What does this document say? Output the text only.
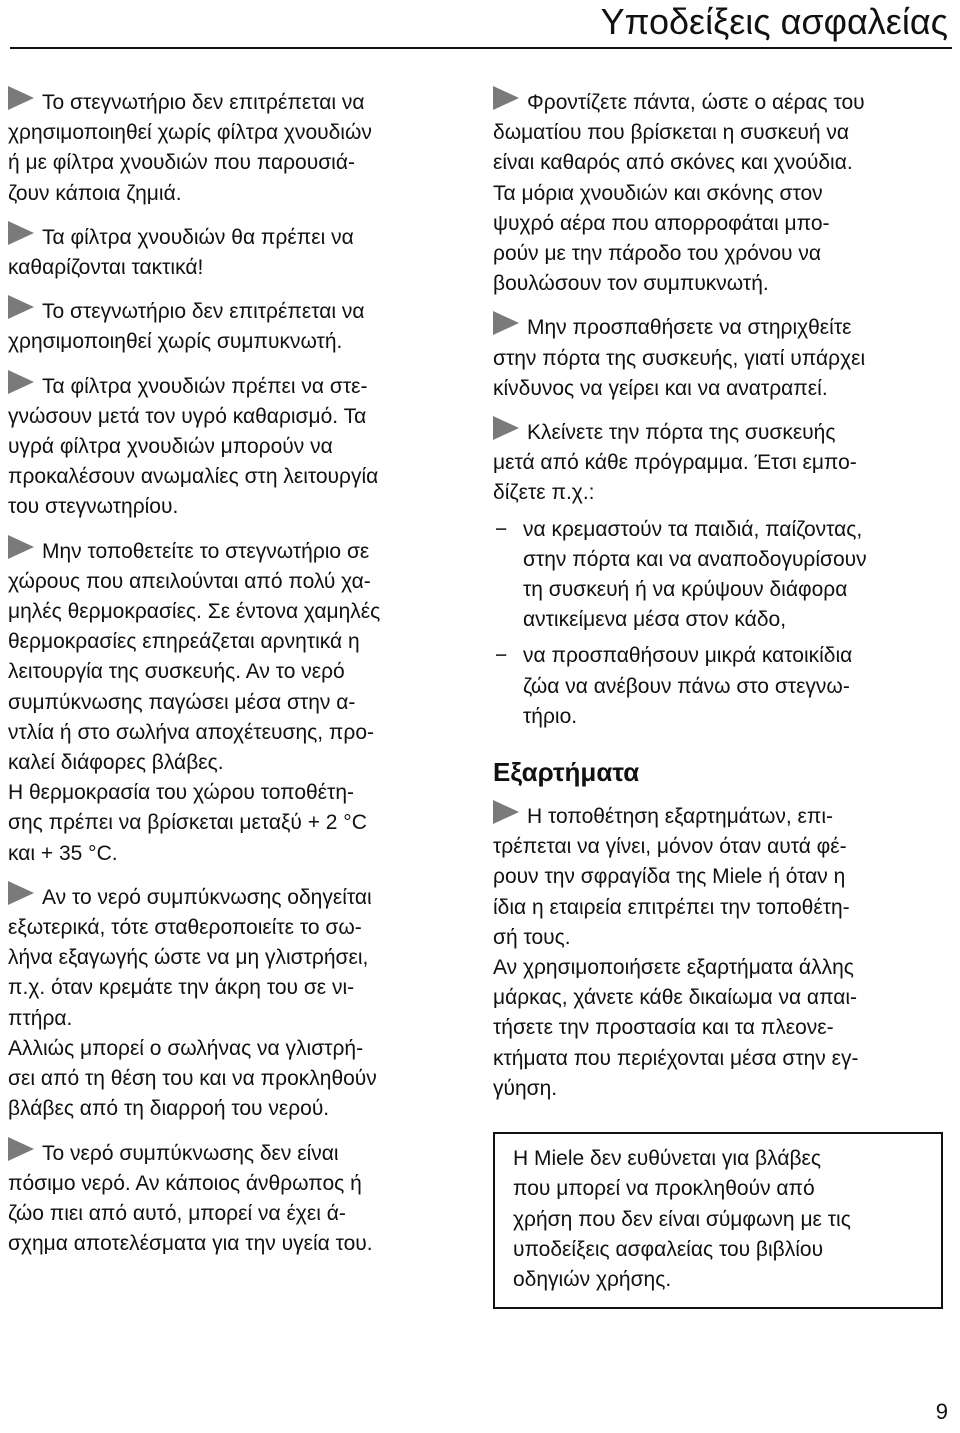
Υποδείξεις ασφαλείας

Το στεγνωτήριο δεν επιτρέπεται να
χρησιμοποιηθεί χωρίς φίλτρα χνουδιών
ή με φίλτρα χνουδιών που παρουσιά-
ζουν κάποια ζημιά.

Τα φίλτρα χνουδιών θα πρέπει να
καθαρίζονται τακτικά!

Το στεγνωτήριο δεν επιτρέπεται να
χρησιμοποιηθεί χωρίς συμπυκνωτή.

Τα φίλτρα χνουδιών πρέπει να στε-
γνώσουν μετά τον υγρό καθαρισμό. Τα
υγρά φίλτρα χνουδιών μπορούν να
προκαλέσουν ανωμαλίες στη λειτουργία
του στεγνωτηρίου.

Μην τοποθετείτε το στεγνωτήριο σε
χώρους που απειλούνται από πολύ χα-
μηλές θερμοκρασίες. Σε έντονα χαμηλές
θερμοκρασίες επηρεάζεται αρνητικά η
λειτουργία της συσκευής. Αν το νερό
συμπύκνωσης παγώσει μέσα στην α-
ντλία ή στο σωλήνα αποχέτευσης, προ-
καλεί διάφορες βλάβες.
Η θερμοκρασία του χώρου τοποθέτη-
σης πρέπει να βρίσκεται μεταξύ + 2 °C
και + 35 °C.

Αν το νερό συμπύκνωσης οδηγείται
εξωτερικά, τότε σταθεροποιείτε το σω-
λήνα εξαγωγής ώστε να μη γλιστρήσει,
π.χ. όταν κρεμάτε την άκρη του σε νι-
πτήρα.
Αλλιώς μπορεί ο σωλήνας να γλιστρή-
σει από τη θέση του και να προκληθούν
βλάβες από τη διαρροή του νερού.

Το νερό συμπύκνωσης δεν είναι
πόσιμο νερό. Αν κάποιος άνθρωπος ή
ζώο πιει από αυτό, μπορεί να έχει ά-
σχημα αποτελέσματα για την υγεία του.

Φροντίζετε πάντα, ώστε ο αέρας του
δωματίου που βρίσκεται η συσκευή να
είναι καθαρός από σκόνες και χνούδια.
Τα μόρια χνουδιών και σκόνης στον
ψυχρό αέρα που απορροφάται μπο-
ρούν με την πάροδο του χρόνου να
βουλώσουν τον συμπυκνωτή.

Μην προσπαθήσετε να στηριχθείτε
στην πόρτα της συσκευής, γιατί υπάρχει
κίνδυνος να γείρει και να ανατραπεί.

Κλείνετε την πόρτα της συσκευής
μετά από κάθε πρόγραμμα. Έτσι εμπο-
δίζετε π.χ.:

− να κρεμαστούν τα παιδιά, παίζοντας,
στην πόρτα και να αναποδογυρίσουν
τη συσκευή ή να κρύψουν διάφορα
αντικείμενα μέσα στον κάδο,
− να προσπαθήσουν μικρά κατοικίδια
ζώα να ανέβουν πάνω στο στεγνω-
τήριο.
Εξαρτήματα

Η τοποθέτηση εξαρτημάτων, επι-
τρέπεται να γίνει, μόνον όταν αυτά φέ-
ρουν την σφραγίδα της Miele ή όταν η
ίδια η εταιρεία επιτρέπει την τοποθέτη-
σή τους.
Αν χρησιμοποιήσετε εξαρτήματα άλλης
μάρκας, χάνετε κάθε δικαίωμα να απαι-
τήσετε την προστασία και τα πλεονε-
κτήματα που περιέχονται μέσα στην εγ-
γύηση.

Η Miele δεν ευθύνεται για βλάβες
που μπορεί να προκληθούν από
χρήση που δεν είναι σύμφωνη με τις
υποδείξεις ασφαλείας του βιβλίου
οδηγιών χρήσης.

9
